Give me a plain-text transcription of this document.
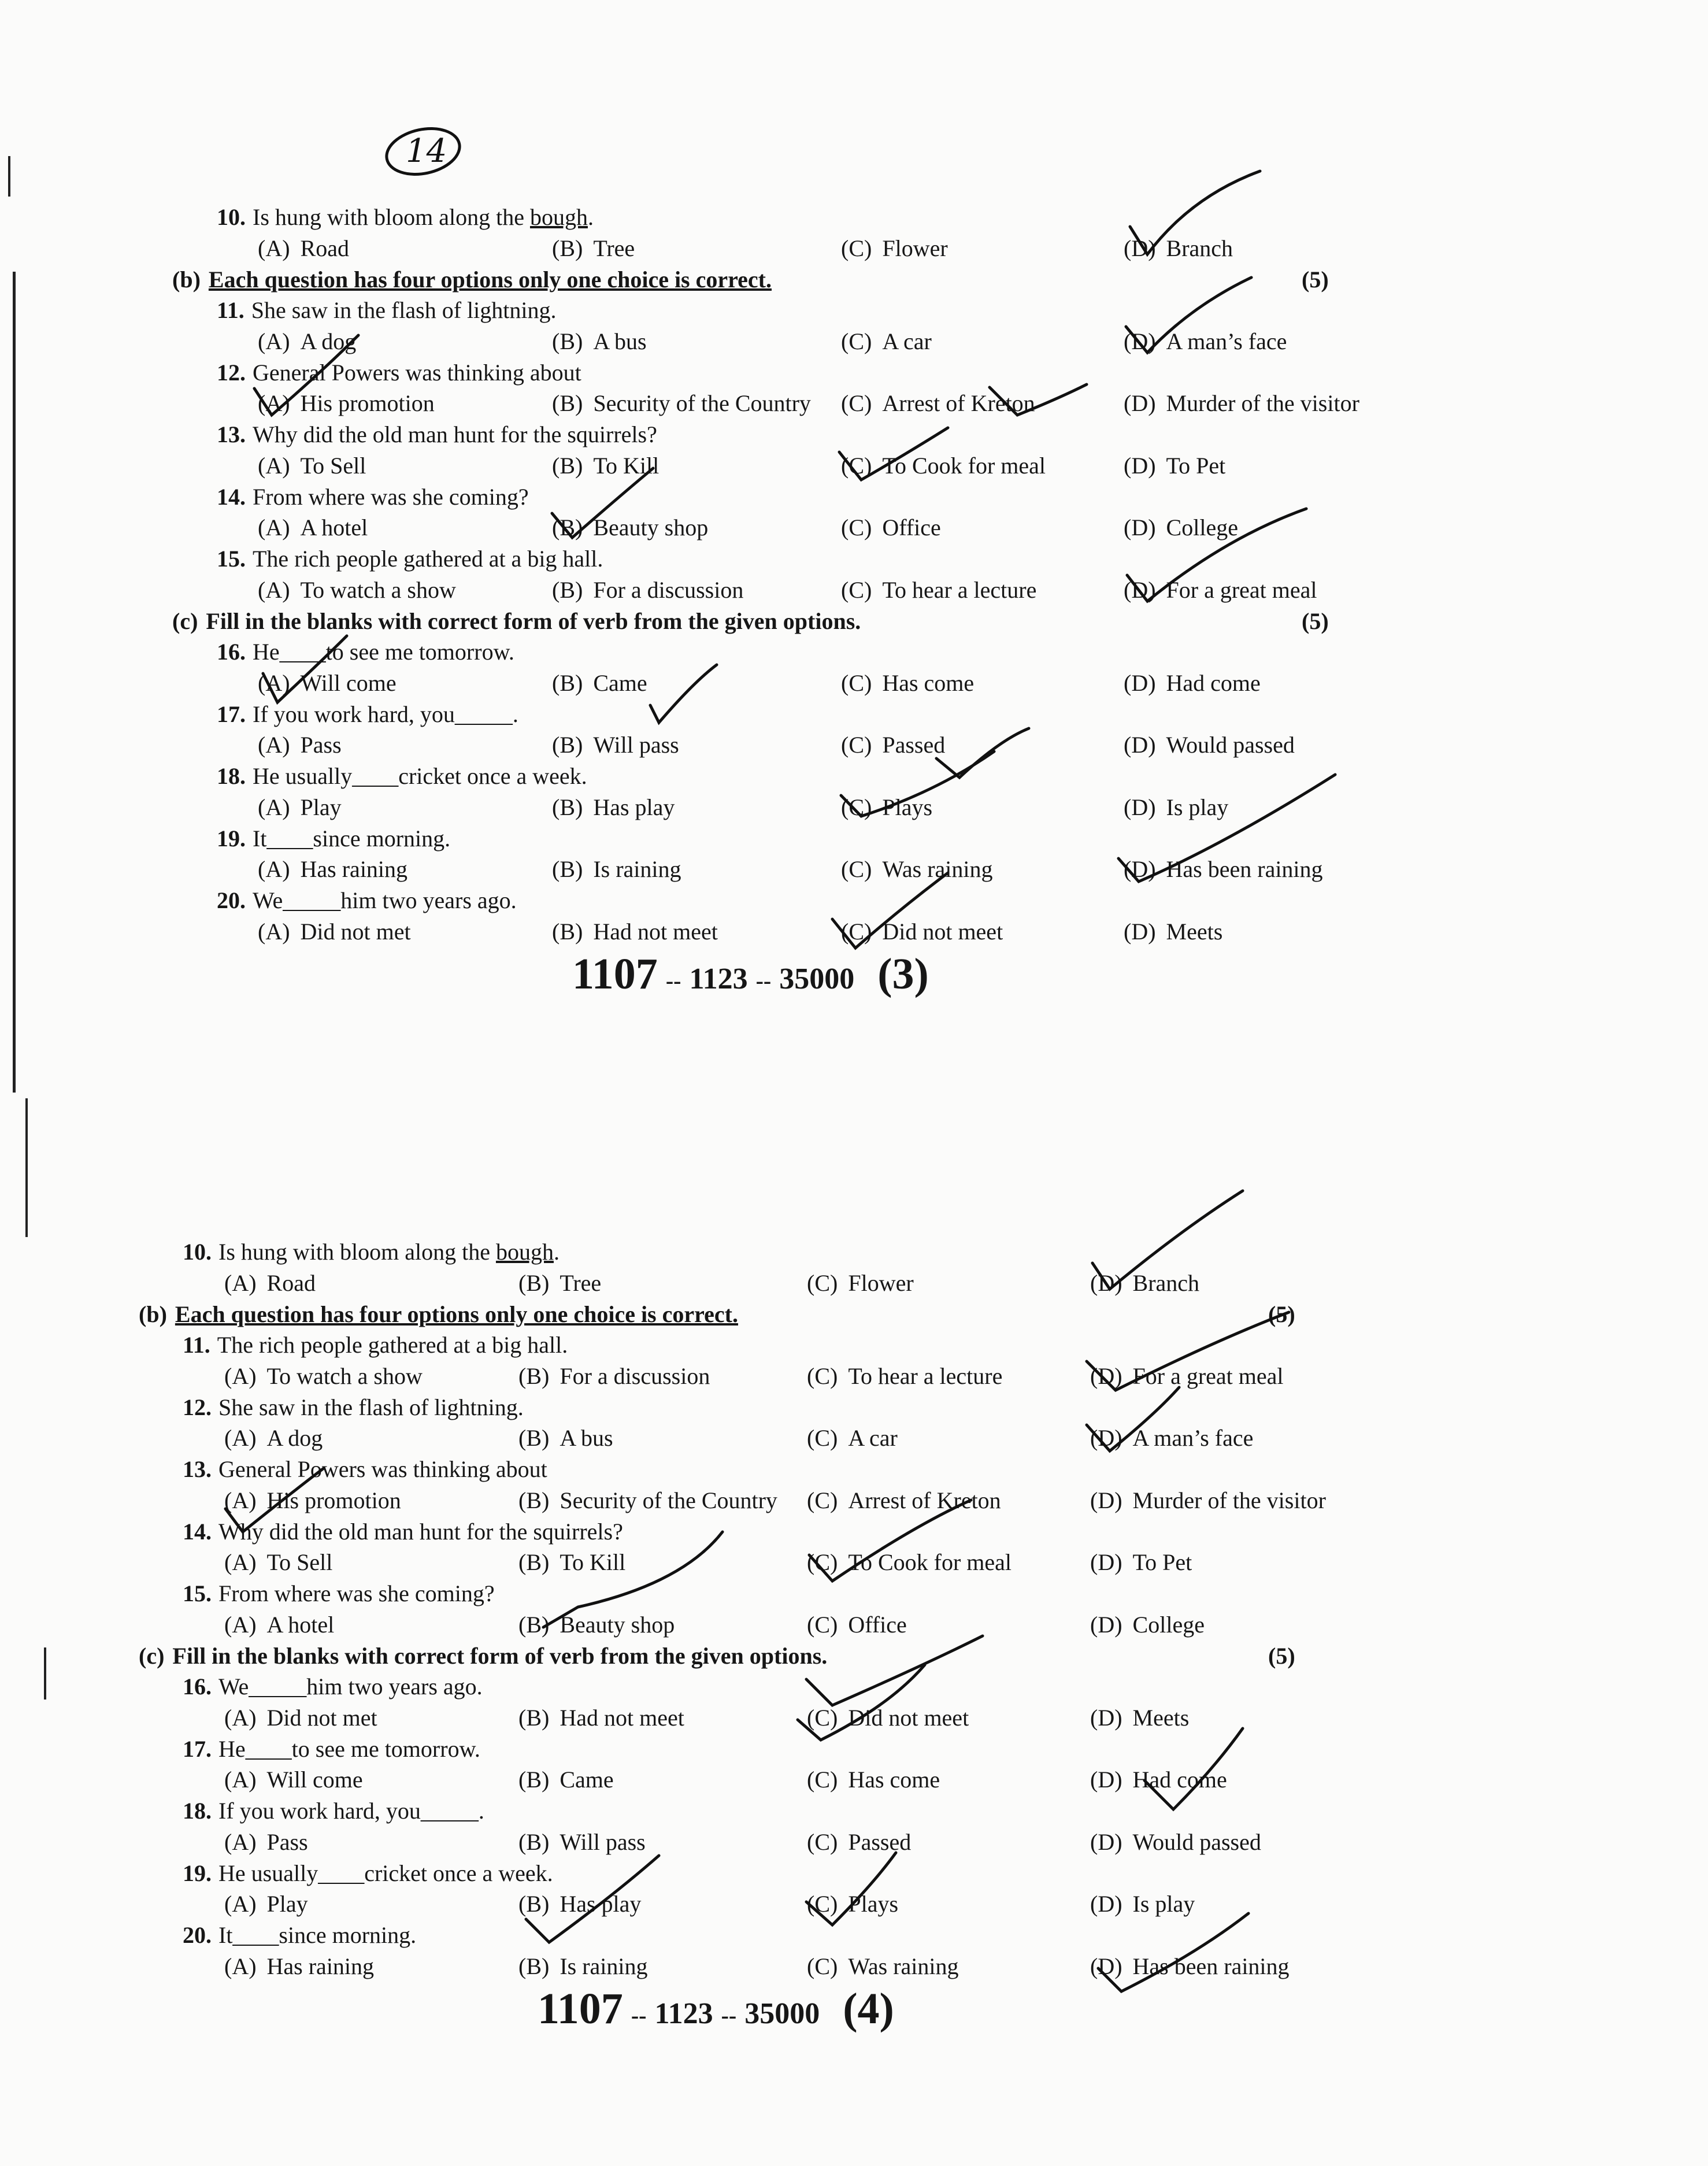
14
10. Is hung with bloom along the bough.
(A) Road	(B) Tree	(C) Flower	(D) Branch
(b) Each question has four options only one choice is correct.	(5)
11. She saw in the flash of lightning.
(A) A dog	(B) A bus	(C) A car	(D) A man’s face
12. General Powers was thinking about
(A) His promotion	(B) Security of the Country (C) Arrest of Kreton	(D) Murder of the visitor
13. Why did the old man hunt for the squirrels?
(A) To Sell	(B) To Kill	(C) To Cook for meal	(D) To Pet
14. From where was she coming?
(A) A hotel	(B) Beauty shop	(C) Office	(D) College
15. The rich people gathered at a big hall.
(A) To watch a show	(B) For a discussion	(C) To hear a lecture	(D) For a great meal
(c) Fill in the blanks with correct form of verb from the given options.	(5)
16. He____to see me tomorrow.
(A) Will come	(B) Came	(C) Has come	(D) Had come
17. If you work hard, you_____.
(A) Pass	(B) Will pass	(C) Passed	(D) Would passed
18. He usually____cricket once a week.
(A) Play	(B) Has play	(C) Plays	(D) Is play
19. It____since morning.
(A) Has raining	(B) Is raining	(C) Was raining	(D) Has been raining
20. We_____him two years ago.
(A) Did not met	(B) Had not meet	(C) Did not meet	(D) Meets
1107 -- 1123 -- 35000 (3)
10. Is hung with bloom along the bough.
(A) Road	(B) Tree	(C) Flower	(D) Branch
(b) Each question has four options only one choice is correct.	(5)
11. The rich people gathered at a big hall.
(A) To watch a show	(B) For a discussion	(C) To hear a lecture	(D) For a great meal
12. She saw in the flash of lightning.
(A) A dog	(B) A bus	(C) A car	(D) A man’s face
13. General Powers was thinking about
(A) His promotion	(B) Security of the Country (C) Arrest of Kreton	(D) Murder of the visitor
14. Why did the old man hunt for the squirrels?
(A) To Sell	(B) To Kill	(C) To Cook for meal	(D) To Pet
15. From where was she coming?
(A) A hotel	(B) Beauty shop	(C) Office	(D) College
(c) Fill in the blanks with correct form of verb from the given options.	(5)
16. We_____him two years ago.
(A) Did not met	(B) Had not meet	(C) Did not meet	(D) Meets
17. He____to see me tomorrow.
(A) Will come	(B) Came	(C) Has come	(D) Had come
18. If you work hard, you_____.
(A) Pass	(B) Will pass	(C) Passed	(D) Would passed
19. He usually____cricket once a week.
(A) Play	(B) Has play	(C) Plays	(D) Is play
20. It____since morning.
(A) Has raining	(B) Is raining	(C) Was raining	(D) Has been raining
1107 -- 1123 -- 35000 (4)
